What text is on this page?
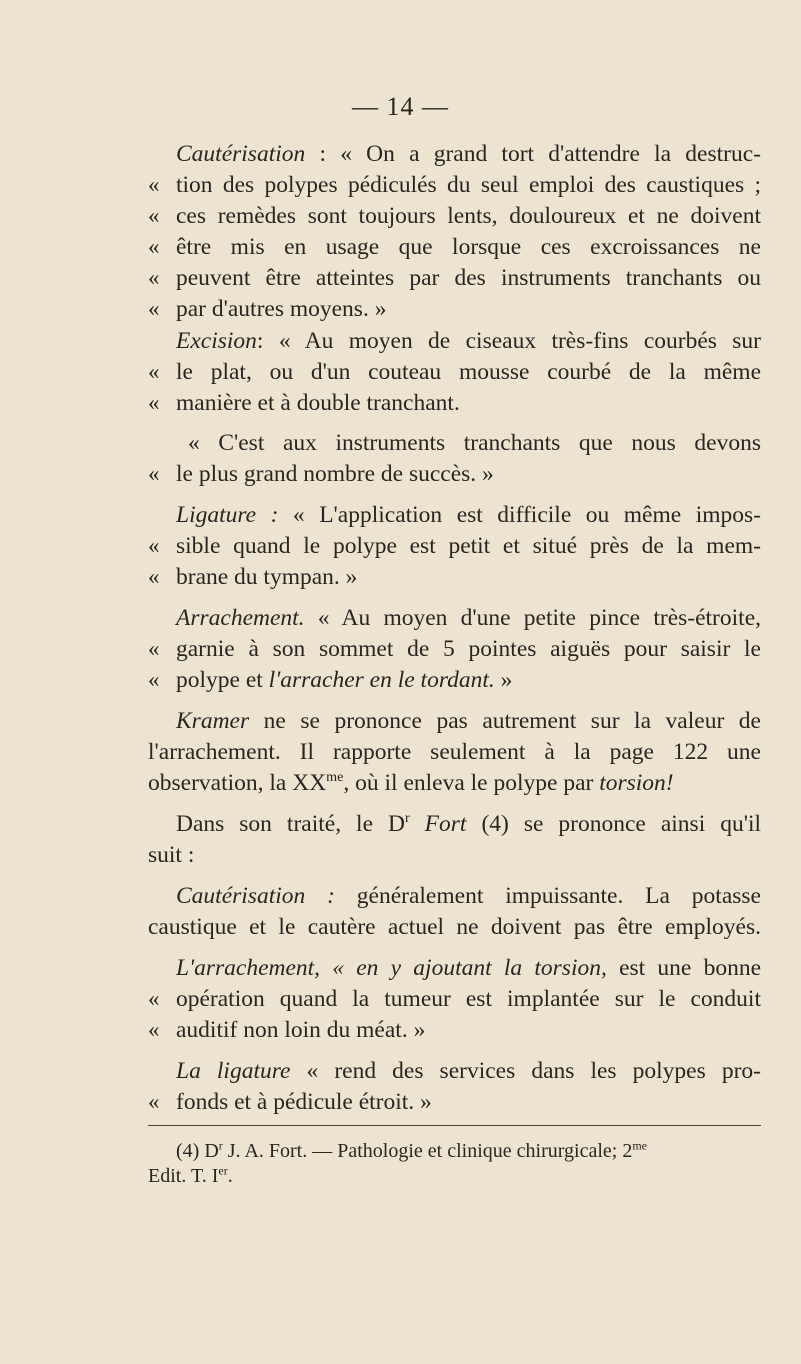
— 14 —
Cautérisation : « On a grand tort d'attendre la destruc-
« tion des polypes pédiculés du seul emploi des caustiques ;
« ces remèdes sont toujours lents, douloureux et ne doivent
« être mis en usage que lorsque ces excroissances ne
« peuvent être atteintes par des instruments tranchants ou
« par d'autres moyens. »
Excision: « Au moyen de ciseaux très-fins courbés sur
« le plat, ou d'un couteau mousse courbé de la même
« manière et à double tranchant.
« C'est aux instruments tranchants que nous devons
« le plus grand nombre de succès. »
Ligature : « L'application est difficile ou même impos-
« sible quand le polype est petit et situé près de la mem-
« brane du tympan. »
Arrachement. « Au moyen d'une petite pince très-étroite,
« garnie à son sommet de 5 pointes aiguës pour saisir le
« polype et l'arracher en le tordant. »
Kramer ne se prononce pas autrement sur la valeur de
l'arrachement. Il rapporte seulement à la page 122 une
observation, la $XX^{me}$, où il enleva le polype par torsion!
Dans son traité, le $D^r$ Fort (4) se prononce ainsi qu'il
suit :
Cautérisation : généralement impuissante. La potasse
caustique et le cautère actuel ne doivent pas être employés.
L'arrachement, « en y ajoutant la torsion, est une bonne
« opération quand la tumeur est implantée sur le conduit
« auditif non loin du méat. »
La ligature « rend des services dans les polypes pro-
« fonds et à pédicule étroit. »
(4) $D^r$ J. A. Fort. — Pathologie et clinique chirurgicale; $2^{me}$
Edit. T. Ier.
